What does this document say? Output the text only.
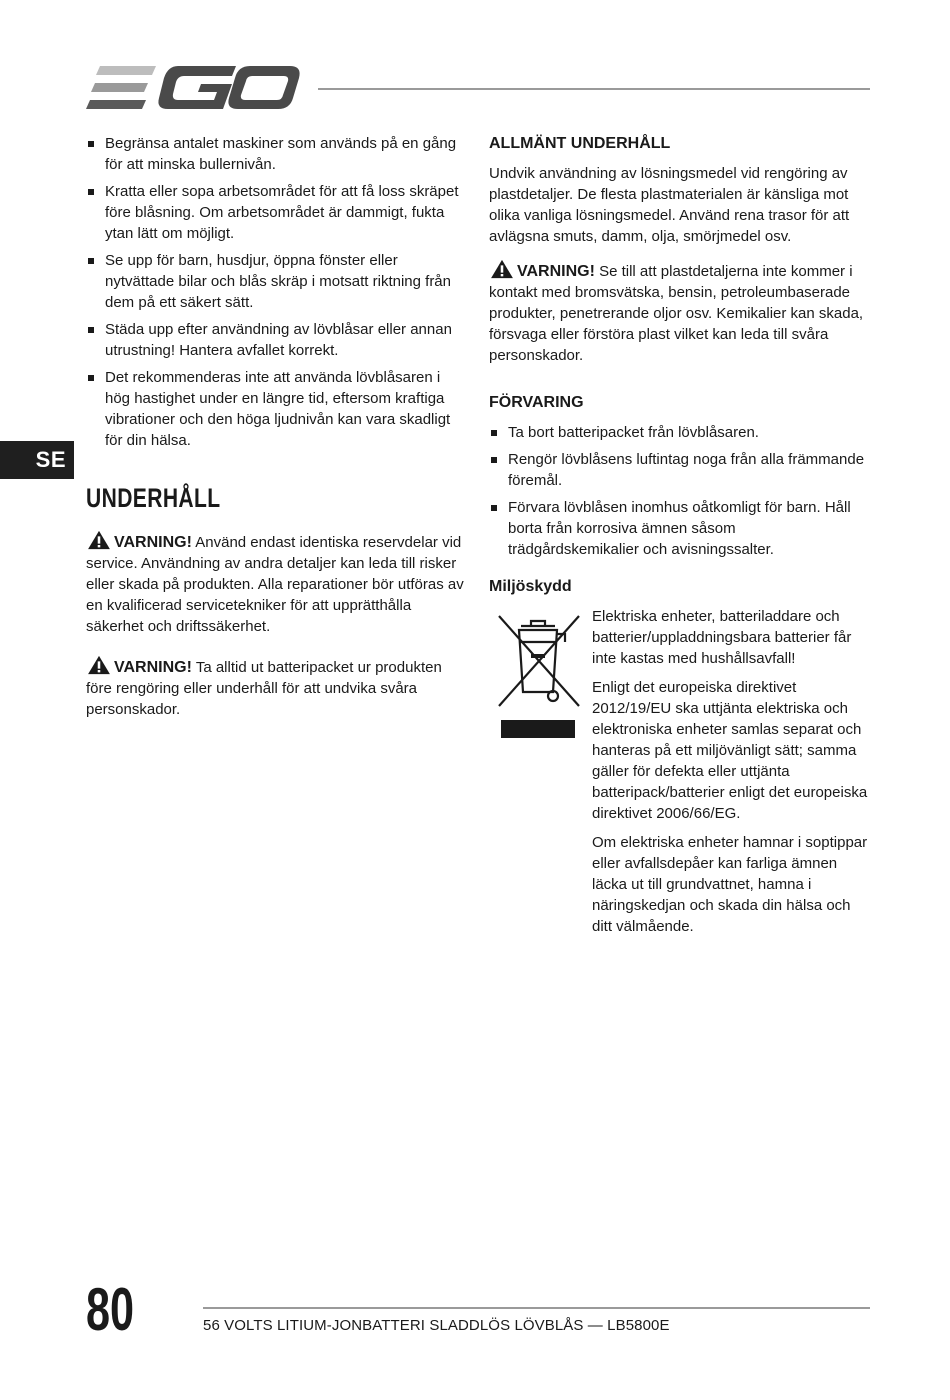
SE
Begränsa antalet maskiner som används på en gång för att minska bullernivån.
Kratta eller sopa arbetsområdet för att få loss skräpet före blåsning. Om arbetsområdet är dammigt, fukta ytan lätt om möjligt.
Se upp för barn, husdjur, öppna fönster eller nytvättade bilar och blås skräp i motsatt riktning från dem på ett säkert sätt.
Städa upp efter användning av lövblåsar eller annan utrustning! Hantera avfallet korrekt.
Det rekommenderas inte att använda lövblåsaren i hög hastighet under en längre tid, eftersom kraftiga vibrationer och den höga ljudnivån kan vara skadligt för din hälsa.
UNDERHÅLL

VARNING! Använd endast identiska reservdelar vid service. Användning av andra detaljer kan leda till risker eller skada på produkten. Alla reparationer bör utföras av en kvalificerad servicetekniker för att upprätthålla säkerhet och driftssäkerhet.

VARNING! Ta alltid ut batteripacket ur produkten före rengöring eller underhåll för att undvika svåra personskador.

ALLMÄNT UNDERHÅLL

Undvik användning av lösningsmedel vid rengöring av plastdetaljer. De flesta plastmaterialen är känsliga mot olika vanliga lösningsmedel. Använd rena trasor för att avlägsna smuts, damm, olja, smörjmedel osv.

VARNING! Se till att plastdetaljerna inte kommer i kontakt med bromsvätska, bensin, petroleumbaserade produkter, penetrerande oljor osv. Kemikalier kan skada, försvaga eller förstöra plast vilket kan leda till svåra personskador.

FÖRVARING
Ta bort batteripacket från lövblåsaren.
Rengör lövblåsens luftintag noga från alla främmande föremål.
Förvara lövblåsen inomhus oåtkomligt för barn. Håll borta från korrosiva ämnen såsom trädgårdskemikalier och avisningssalter.
Miljöskydd

Elektriska enheter, batteriladdare och batterier/uppladdningsbara batterier får inte kastas med hushållsavfall!

Enligt det europeiska direktivet 2012/19/EU ska uttjänta elektriska och elektroniska enheter samlas separat och hanteras på ett miljövänligt sätt; samma gäller för defekta eller uttjänta batteripack/batterier enligt det europeiska direktivet 2006/66/EG.

Om elektriska enheter hamnar i soptippar eller avfallsdepåer kan farliga ämnen läcka ut till grundvattnet, hamna i näringskedjan och skada din hälsa och ditt välmående.

80	56 VOLTS LITIUM-JONBATTERI SLADDLÖS LÖVBLÅS — LB5800E
